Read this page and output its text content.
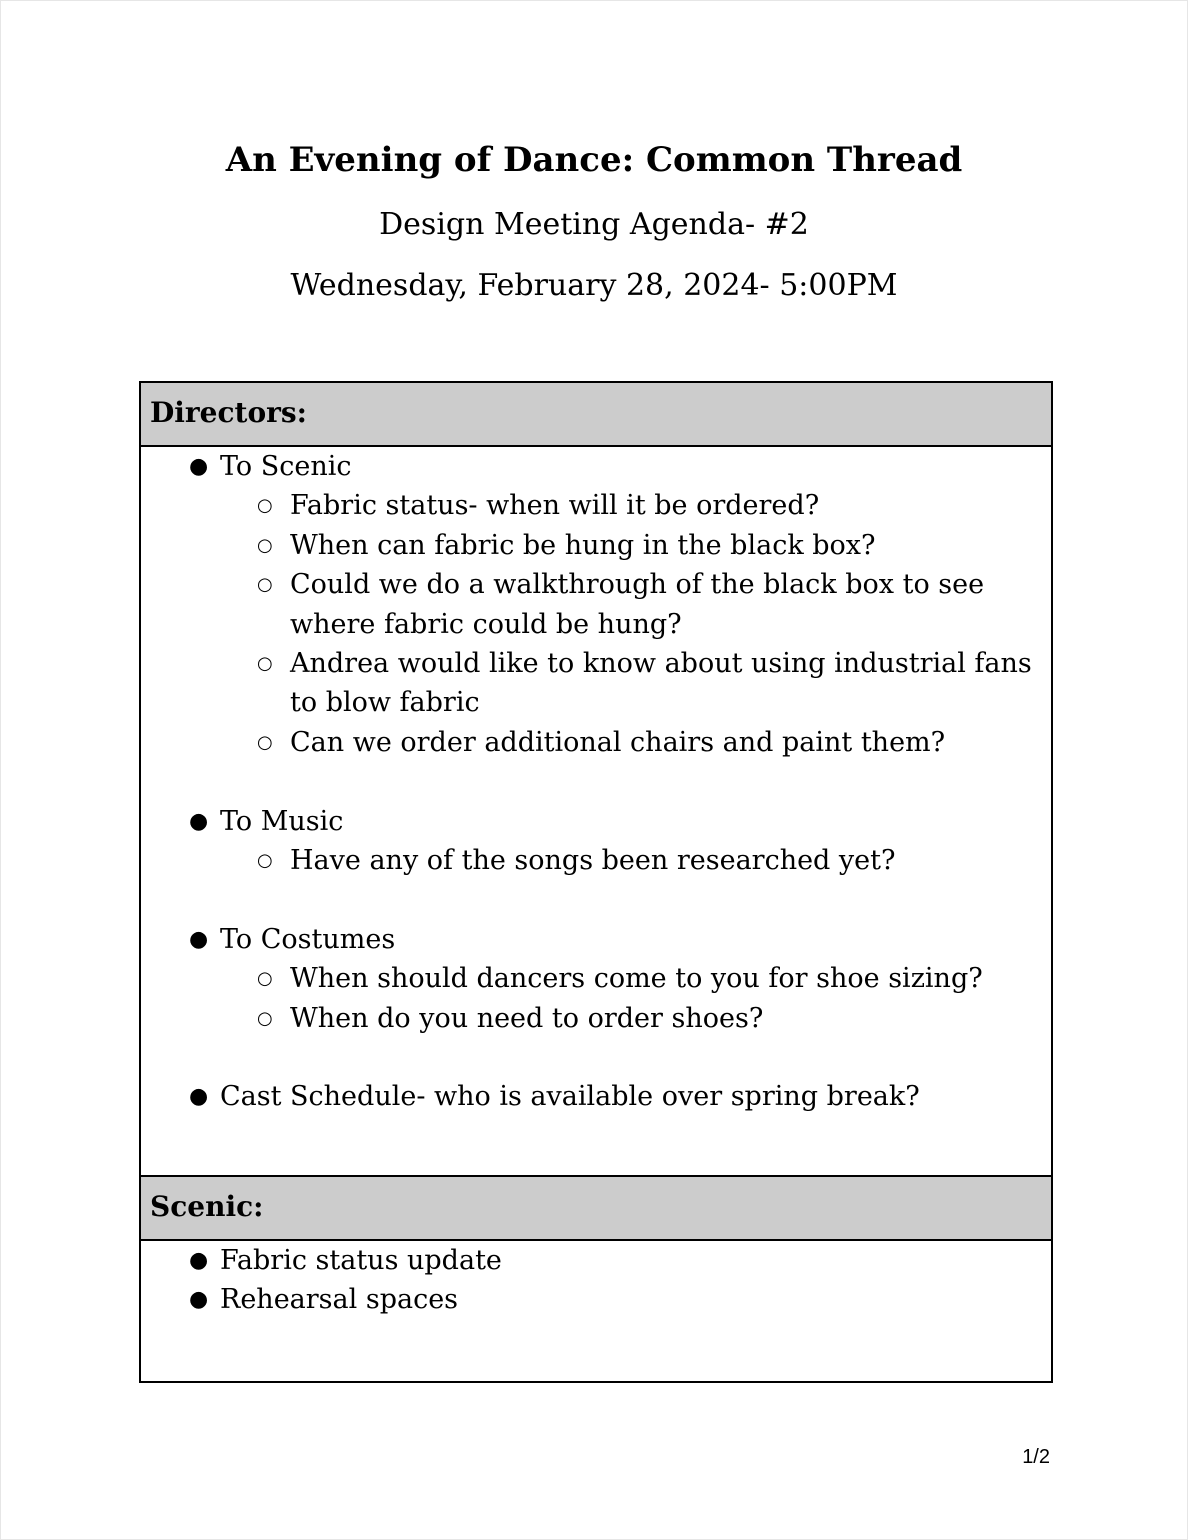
An Evening of Dance: Common Thread
Design Meeting Agenda- #2
Wednesday, February 28, 2024- 5:00PM
Directors:
● To Scenic
○ Fabric status- when will it be ordered?
○ When can fabric be hung in the black box?
○ Could we do a walkthrough of the black box to see where fabric could be hung?
○ Andrea would like to know about using industrial fans to blow fabric
○ Can we order additional chairs and paint them?
● To Music
○ Have any of the songs been researched yet?
● To Costumes
○ When should dancers come to you for shoe sizing?
○ When do you need to order shoes?
● Cast Schedule- who is available over spring break?
Scenic:
● Fabric status update
● Rehearsal spaces
1/2
